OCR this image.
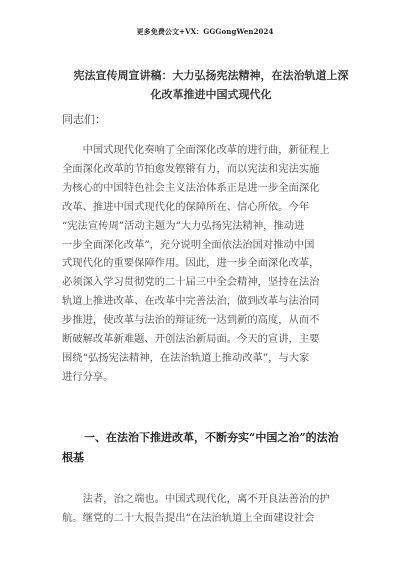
更多免费公文+VX：GGGongWen2024
宪法宣传周宣讲稿：大力弘扬宪法精神，在法治轨道上深
化改革推进中国式现代化
同志们：
　　中国式现代化奏响了全面深化改革的进行曲，新征程上
全面深化改革的节拍愈发铿锵有力，而以宪法和宪法实施
为核心的中国特色社会主义法治体系正是进一步全面深化
改革、推进中国式现代化的保障所在、信心所依。今年
“宪法宣传周”活动主题为“大力弘扬宪法精神，推动进
一步全面深化改革”，充分说明全面依法治国对推动中国
式现代化的重要保障作用。因此，进一步全面深化改革，
必须深入学习贯彻党的二十届三中全会精神，坚持在法治
轨道上推进改革、在改革中完善法治，做到改革与法治同
步推进，使改革与法治的辩证统一达到新的高度，从而不
断破解改革新难题、开创法治新局面。今天的宣讲，主要
围绕“弘扬宪法精神，在法治轨道上推动改革”，与大家
进行分享。
　　一、在法治下推进改革，不断夯实“中国之治”的法治
根基
　　法者，治之端也。中国式现代化，离不开良法善治的护
航。继党的二十大报告提出“在法治轨道上全面建设社会
